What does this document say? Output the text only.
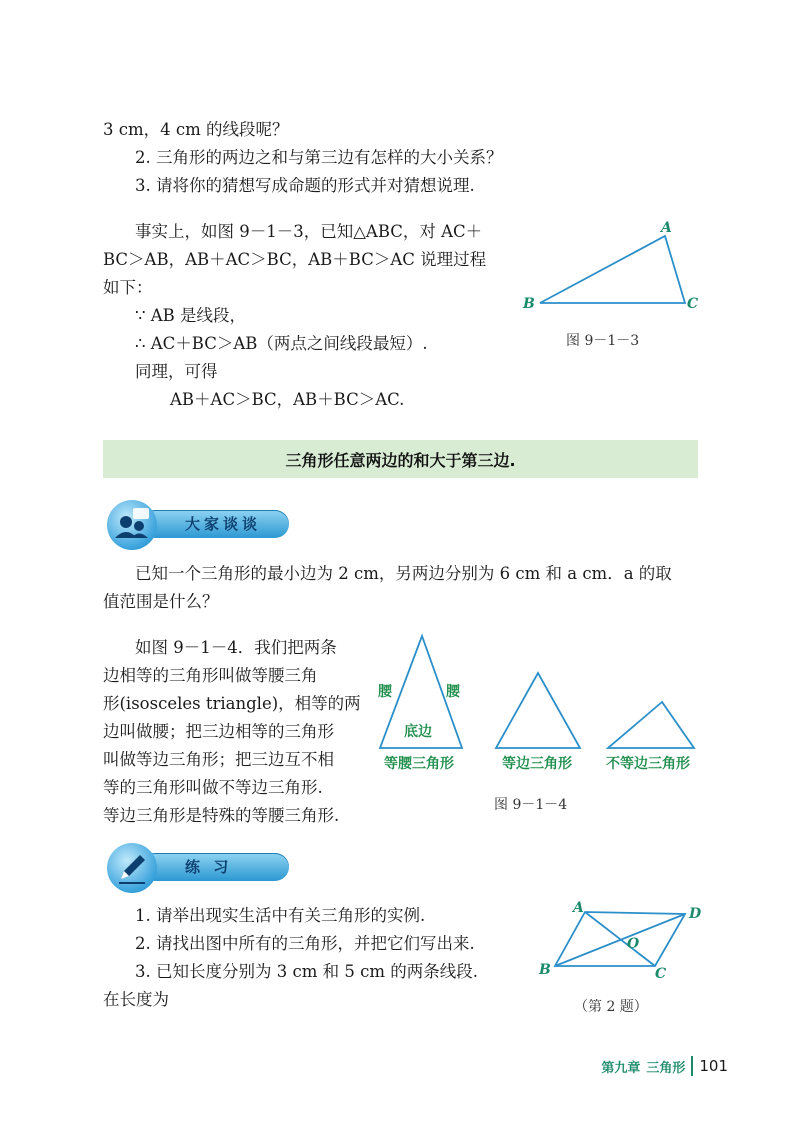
3 cm，4 cm 的线段呢？
2. 三角形的两边之和与第三边有怎样的大小关系？
3. 请将你的猜想写成命题的形式并对猜想说理.
事实上，如图 9－1－3，已知△ABC，对 AC＋
BC＞AB，AB＋AC＞BC，AB＋BC＞AC 说理过程
如下：
∵ AB 是线段，
∴ AC＋BC＞AB（两点之间线段最短）.
同理，可得
AB＋AC＞BC，AB＋BC＞AC.
A
B	C
图 9－1－3
三角形任意两边的和大于第三边.
大家谈谈
已知一个三角形的最小边为 2 cm，另两边分别为 6 cm 和 a cm．a 的取
值范围是什么？
如图 9－1－4．我们把两条
边相等的三角形叫做等腰三角
形(isosceles triangle)，相等的两
边叫做腰；把三边相等的三角形
叫做等边三角形；把三边互不相
等的三角形叫做不等边三角形.
等边三角形是特殊的等腰三角形.
腰	腰
底边
等腰三角形	等边三角形 不等边三角形
图 9－1－4
练 习
1. 请举出现实生活中有关三角形的实例.
2. 请找出图中所有的三角形，并把它们写出来.
3. 已知长度分别为 3 cm 和 5 cm 的两条线段.
在长度为
A	D
O
B	C
（第 2 题）
第九章 三角形 101
